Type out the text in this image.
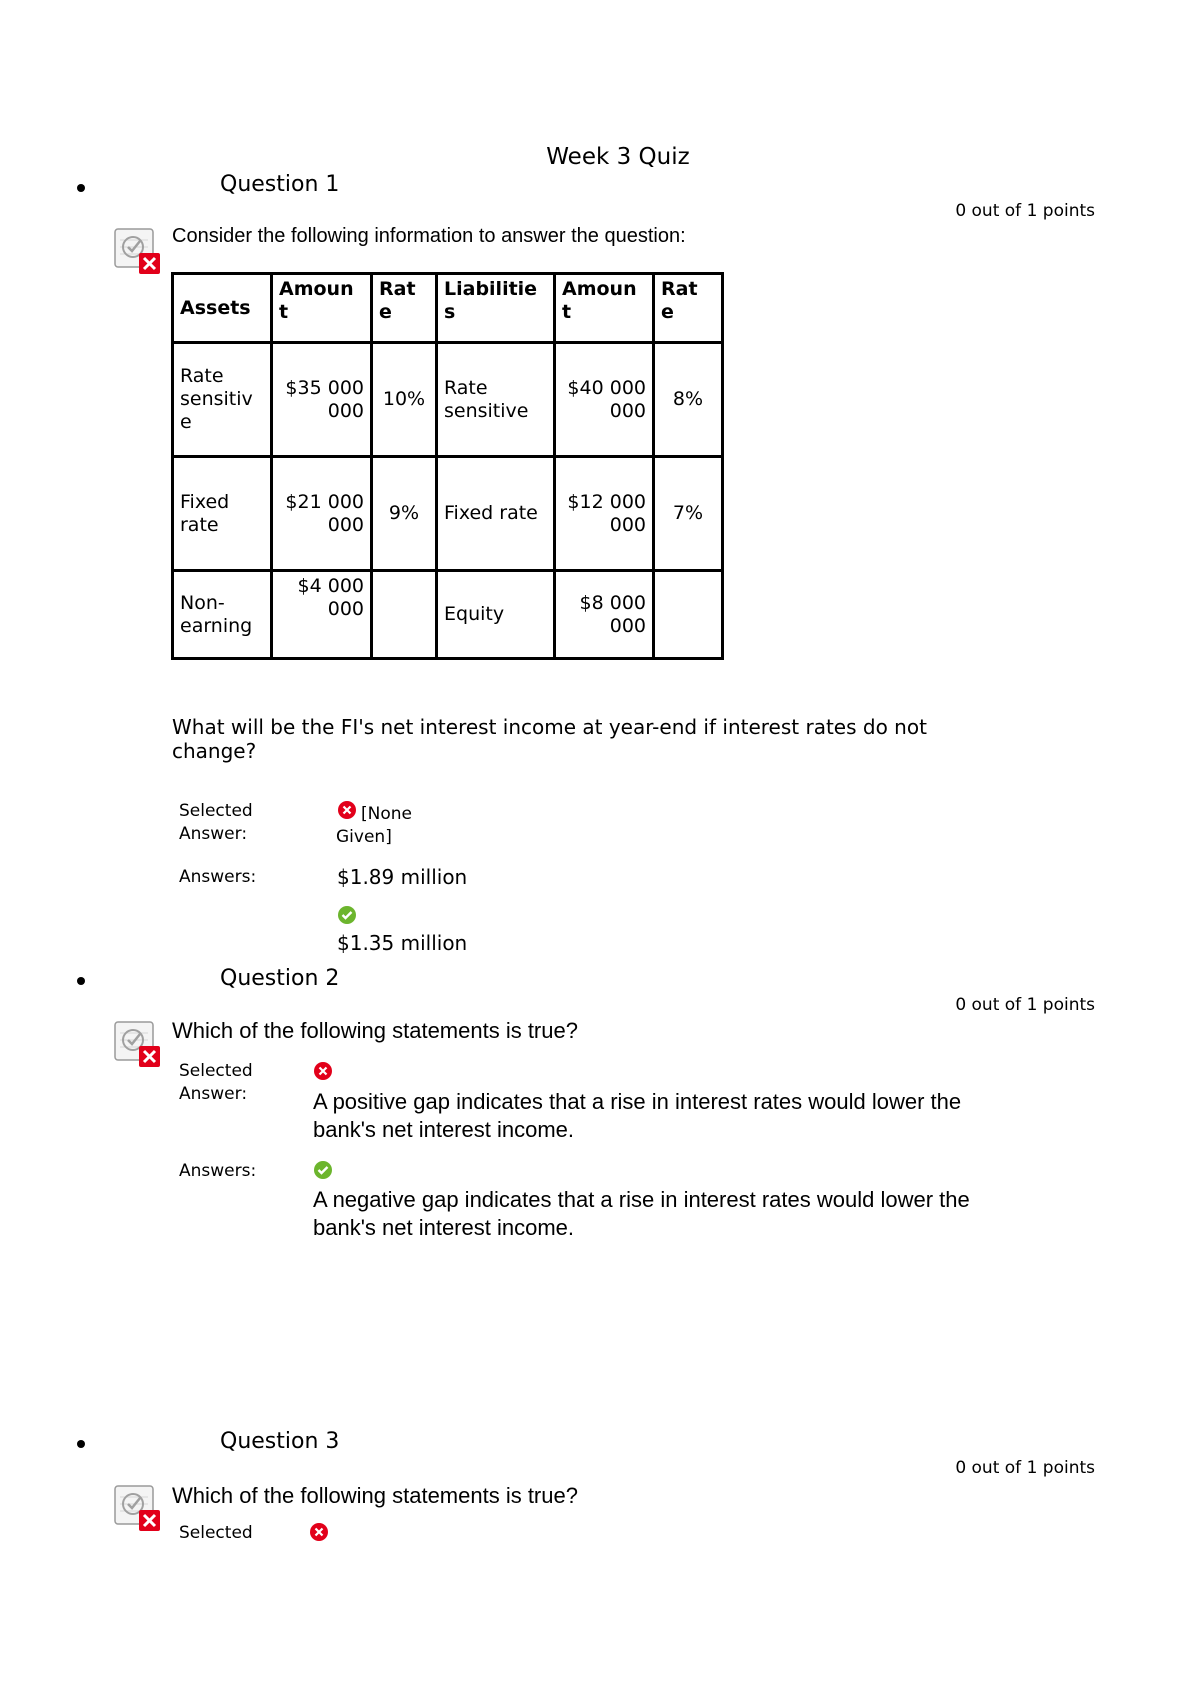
Week 3 Quiz
Question 1
0 out of 1 points
Consider the following information to answer the question:
Assets	Amoun t	Rat e	Liabilitie s	Amoun t	Rat e
Rate sensitiv e	$35 000 000	10%	Rate sensitive	$40 000 000	8%
Fixed rate	$21 000 000	9%	Fixed rate	$12 000 000	7%
Non- earning	$4 000 000		Equity	$8 000 000	
What will be the FI's net interest income at year-end if interest rates do not change?
Selected Answer:
[None Given]
Answers:	$1.89 million
$1.35 million
Question 2
0 out of 1 points
Which of the following statements is true?
Selected Answer:	A positive gap indicates that a rise in interest rates would lower the bank's net interest income.
Answers:
A negative gap indicates that a rise in interest rates would lower the bank's net interest income.
Question 3
0 out of 1 points
Which of the following statements is true?
Selected
